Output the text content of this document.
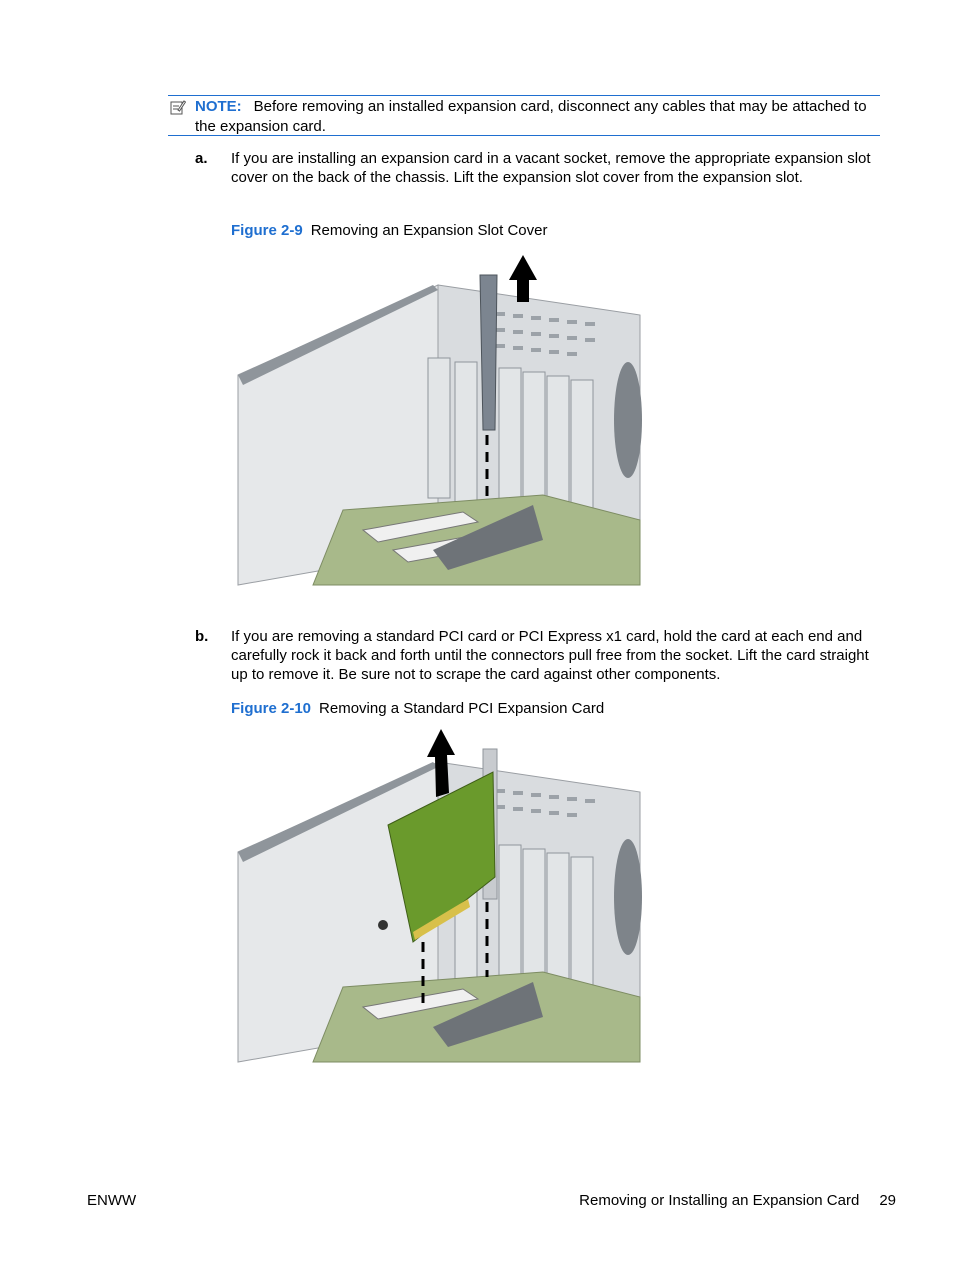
NOTE: Before removing an installed expansion card, disconnect any cables that may be attached to the expansion card.
a. If you are installing an expansion card in a vacant socket, remove the appropriate expansion slot cover on the back of the chassis. Lift the expansion slot cover from the expansion slot.
Figure 2-9 Removing an Expansion Slot Cover
b. If you are removing a standard PCI card or PCI Express x1 card, hold the card at each end and carefully rock it back and forth until the connectors pull free from the socket. Lift the card straight up to remove it. Be sure not to scrape the card against other components.
Figure 2-10 Removing a Standard PCI Expansion Card
ENWW	Removing or Installing an Expansion Card 29
